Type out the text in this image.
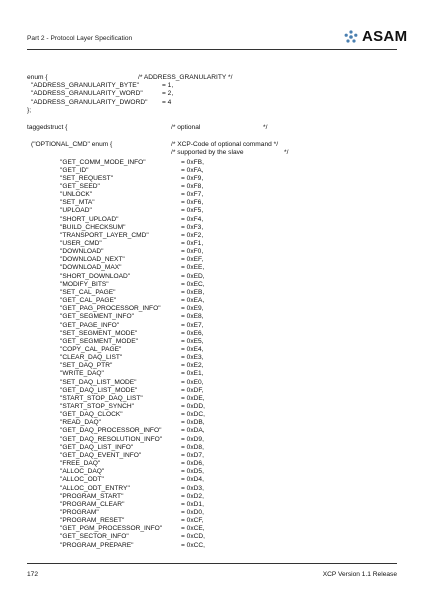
Part 2 - Protocol Layer Specification	ASAM
enum {	/* ADDRESS_GRANULARITY */
"ADDRESS_GRANULARITY_BYTE"	= 1,
"ADDRESS_GRANULARITY_WORD"	= 2,
"ADDRESS_GRANULARITY_DWORD" = 4
};
taggedstruct {	/* optional	*/
("OPTIONAL_CMD" enum {	/* XCP-Code of optional command */
/* supported by the slave	*/
"GET_COMM_MODE_INFO"	= 0xFB,
"GET_ID"	= 0xFA,
"SET_REQUEST"	= 0xF9,
"GET_SEED"	= 0xF8,
"UNLOCK"	= 0xF7,
"SET_MTA"	= 0xF6,
"UPLOAD"	= 0xF5,
"SHORT_UPLOAD"	= 0xF4,
"BUILD_CHECKSUM"	= 0xF3,
"TRANSPORT_LAYER_CMD"	= 0xF2,
"USER_CMD"	= 0xF1,
"DOWNLOAD"	= 0xF0,
"DOWNLOAD_NEXT"	= 0xEF,
"DOWNLOAD_MAX"	= 0xEE,
"SHORT_DOWNLOAD"	= 0xED,
"MODIFY_BITS"	= 0xEC,
"SET_CAL_PAGE"	= 0xEB,
"GET_CAL_PAGE"	= 0xEA,
"GET_PAG_PROCESSOR_INFO"	= 0xE9,
"GET_SEGMENT_INFO"	= 0xE8,
"GET_PAGE_INFO"	= 0xE7,
"SET_SEGMENT_MODE"	= 0xE6,
"GET_SEGMENT_MODE"	= 0xE5,
"COPY_CAL_PAGE"	= 0xE4,
"CLEAR_DAQ_LIST"	= 0xE3,
"SET_DAQ_PTR"	= 0xE2,
"WRITE_DAQ"	= 0xE1,
"SET_DAQ_LIST_MODE"	= 0xE0,
"GET_DAQ_LIST_MODE"	= 0xDF,
"START_STOP_DAQ_LIST"	= 0xDE,
"START_STOP_SYNCH"	= 0xDD,
"GET_DAQ_CLOCK"	= 0xDC,
"READ_DAQ"	= 0xDB,
"GET_DAQ_PROCESSOR_INFO"	= 0xDA,
"GET_DAQ_RESOLUTION_INFO"	= 0xD9,
"GET_DAQ_LIST_INFO"	= 0xD8,
"GET_DAQ_EVENT_INFO"	= 0xD7,
"FREE_DAQ"	= 0xD6,
"ALLOC_DAQ"	= 0xD5,
"ALLOC_ODT"	= 0xD4,
"ALLOC_ODT_ENTRY"	= 0xD3,
"PROGRAM_START"	= 0xD2,
"PROGRAM_CLEAR"	= 0xD1,
"PROGRAM"	= 0xD0,
"PROGRAM_RESET"	= 0xCF,
"GET_PGM_PROCESSOR_INFO"	= 0xCE,
"GET_SECTOR_INFO"	= 0xCD,
"PROGRAM_PREPARE"	= 0xCC,
172	XCP Version 1.1 Release
